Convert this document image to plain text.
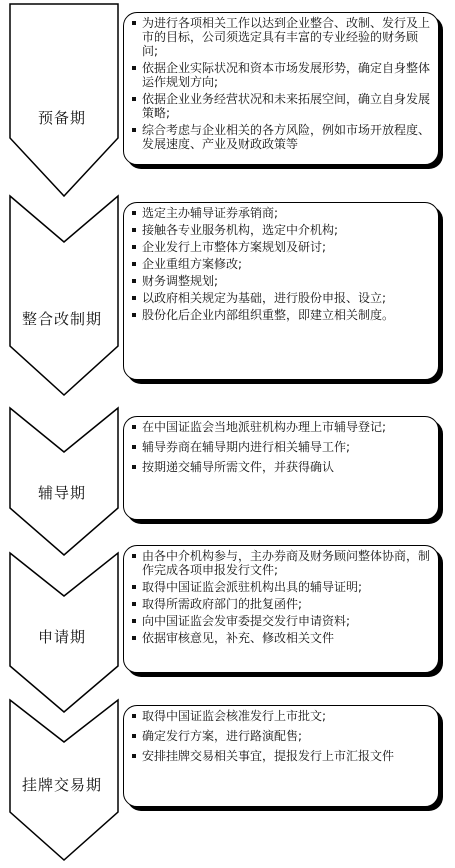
预备期
整合改制期
辅导期
申请期
挂牌交易期
为进行各项相关工作以达到企业整合、改制、发行及上市的目标，公司须选定具有丰富的专业经验的财务顾问;
依据企业实际状况和资本市场发展形势，确定自身整体运作规划方向;
依据企业业务经营状况和未来拓展空间，确立自身发展策略;
综合考虑与企业相关的各方风险，例如市场开放程度、发展速度、产业及财政政策等
选定主办辅导证券承销商;
接触各专业服务机构，选定中介机构;
企业发行上市整体方案规划及研讨;
企业重组方案修改;
财务调整规划;
以政府相关规定为基础，进行股份申报、设立;
股份化后企业内部组织重整，即建立相关制度。
在中国证监会当地派驻机构办理上市辅导登记;
辅导券商在辅导期内进行相关辅导工作;
按期递交辅导所需文件，并获得确认
由各中介机构参与，主办券商及财务顾问整体协商，制作完成各项申报发行文件;
取得中国证监会派驻机构出具的辅导证明;
取得所需政府部门的批复函件;
向中国证监会发审委提交发行申请资料;
依据审核意见，补充、修改相关文件
取得中国证监会核准发行上市批文;
确定发行方案，进行路演配售;
安排挂牌交易相关事宜，提报发行上市汇报文件
